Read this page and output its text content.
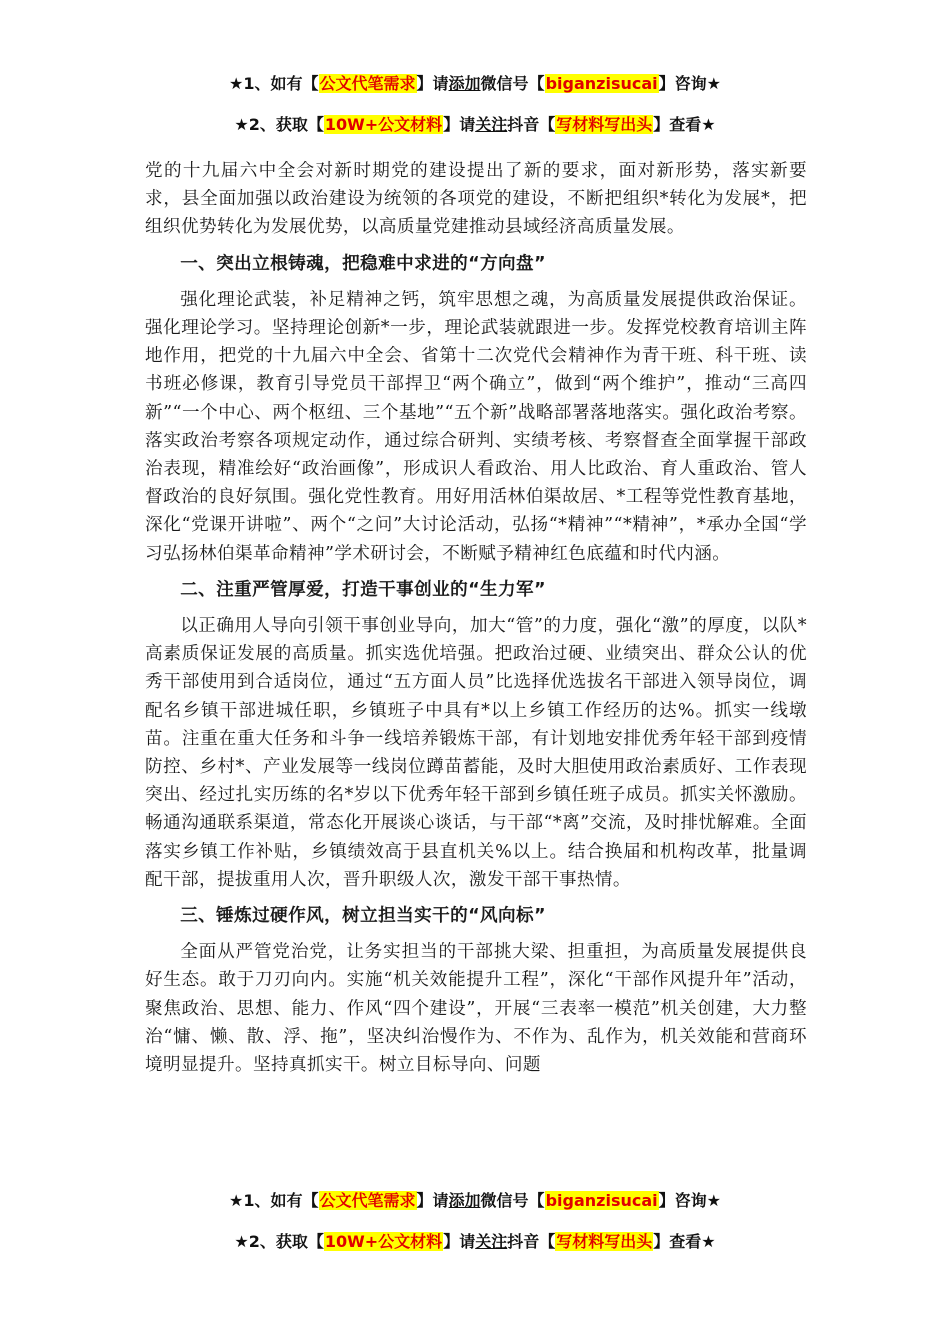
★1、如有【公文代笔需求】请添加微信号【biganzisucai】咨询★
★2、获取【10W+公文材料】请关注抖音【写材料写出头】查看★

党的十九届六中全会对新时期党的建设提出了新的要求，面对新形势，落实新要求，县全面加强以政治建设为统领的各项党的建设，不断把组织*转化为发展*，把组织优势转化为发展优势，以高质量党建推动县域经济高质量发展。

一、突出立根铸魂，把稳难中求进的“方向盘”

强化理论武装，补足精神之钙，筑牢思想之魂，为高质量发展提供政治保证。强化理论学习。坚持理论创新*一步，理论武装就跟进一步。发挥党校教育培训主阵地作用，把党的十九届六中全会、省第十二次党代会精神作为青干班、科干班、读书班必修课，教育引导党员干部捍卫“两个确立”，做到“两个维护”，推动“三高四新”“一个中心、两个枢纽、三个基地”“五个新”战略部署落地落实。强化政治考察。落实政治考察各项规定动作，通过综合研判、实绩考核、考察督查全面掌握干部政治表现，精准绘好“政治画像”，形成识人看政治、用人比政治、育人重政治、管人督政治的良好氛围。强化党性教育。用好用活林伯渠故居、*工程等党性教育基地，深化“党课开讲啦”、两个“之问”大讨论活动，弘扬“*精神”“*精神”，*承办全国“学习弘扬林伯渠革命精神”学术研讨会，不断赋予精神红色底蕴和时代内涵。

二、注重严管厚爱，打造干事创业的“生力军”

以正确用人导向引领干事创业导向，加大“管”的力度，强化“激”的厚度，以队*高素质保证发展的高质量。抓实选优培强。把政治过硬、业绩突出、群众公认的优秀干部使用到合适岗位，通过“五方面人员”比选择优选拔名干部进入领导岗位，调配名乡镇干部进城任职，乡镇班子中具有*以上乡镇工作经历的达%。抓实一线墩苗。注重在重大任务和斗争一线培养锻炼干部，有计划地安排优秀年轻干部到疫情防控、乡村*、产业发展等一线岗位蹲苗蓄能，及时大胆使用政治素质好、工作表现突出、经过扎实历练的名*岁以下优秀年轻干部到乡镇任班子成员。抓实关怀激励。畅通沟通联系渠道，常态化开展谈心谈话，与干部“*离”交流，及时排忧解难。全面落实乡镇工作补贴，乡镇绩效高于县直机关%以上。结合换届和机构改革，批量调配干部，提拔重用人次，晋升职级人次，激发干部干事热情。

三、锤炼过硬作风，树立担当实干的“风向标”

全面从严管党治党，让务实担当的干部挑大梁、担重担，为高质量发展提供良好生态。敢于刀刃向内。实施“机关效能提升工程”，深化“干部作风提升年”活动，聚焦政治、思想、能力、作风“四个建设”，开展“三表率一模范”机关创建，大力整治“慵、懒、散、浮、拖”，坚决纠治慢作为、不作为、乱作为，机关效能和营商环境明显提升。坚持真抓实干。树立目标导向、问题

★1、如有【公文代笔需求】请添加微信号【biganzisucai】咨询★
★2、获取【10W+公文材料】请关注抖音【写材料写出头】查看★
